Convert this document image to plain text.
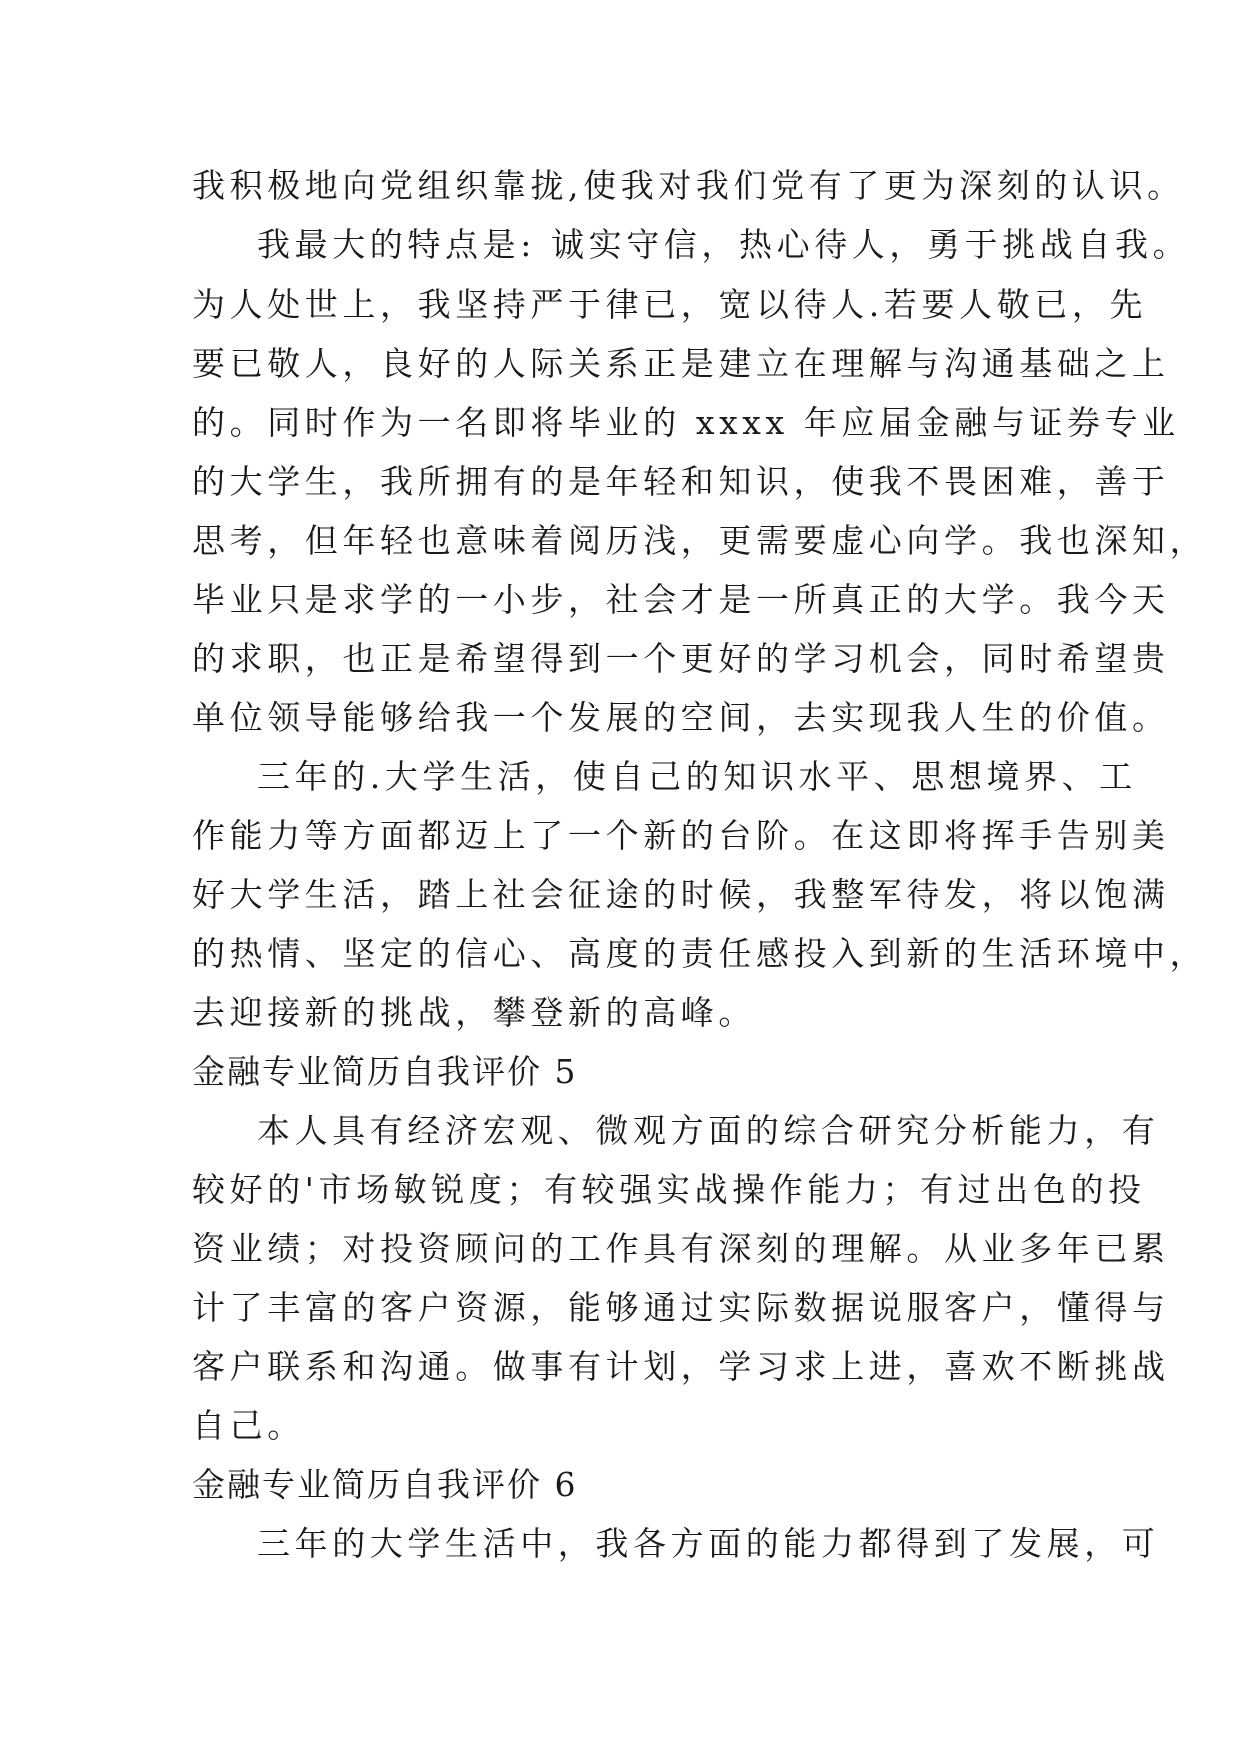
我积极地向党组织靠拢,使我对我们党有了更为深刻的认识。
我最大的特点是: 诚实守信，热心待人，勇于挑战自我。
为人处世上，我坚持严于律已，宽以待人.若要人敬已，先
要已敬人，良好的人际关系正是建立在理解与沟通基础之上
的。同时作为一名即将毕业的 xxxx 年应届金融与证券专业
的大学生，我所拥有的是年轻和知识，使我不畏困难，善于
思考，但年轻也意味着阅历浅，更需要虚心向学。我也深知，
毕业只是求学的一小步，社会才是一所真正的大学。我今天
的求职，也正是希望得到一个更好的学习机会，同时希望贵
单位领导能够给我一个发展的空间，去实现我人生的价值。
三年的.大学生活，使自己的知识水平、思想境界、工
作能力等方面都迈上了一个新的台阶。在这即将挥手告别美
好大学生活，踏上社会征途的时候，我整军待发，将以饱满
的热情、坚定的信心、高度的责任感投入到新的生活环境中，
去迎接新的挑战，攀登新的高峰。
金融专业简历自我评价 5
本人具有经济宏观、微观方面的综合研究分析能力，有
较好的'市场敏锐度；有较强实战操作能力；有过出色的投
资业绩；对投资顾问的工作具有深刻的理解。从业多年已累
计了丰富的客户资源，能够通过实际数据说服客户，懂得与
客户联系和沟通。做事有计划，学习求上进，喜欢不断挑战
自己。
金融专业简历自我评价 6
三年的大学生活中，我各方面的能力都得到了发展，可
